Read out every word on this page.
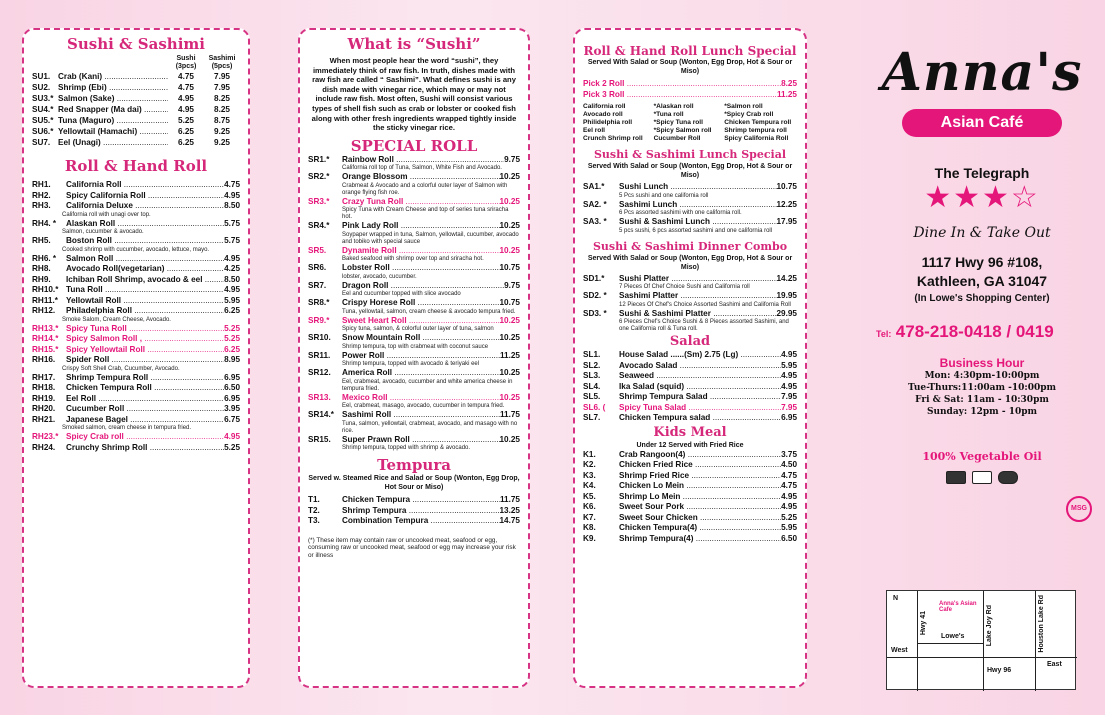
Sushi & Sashimi
Sushi (3pcs)
Sashimi (5pcs)
SU1. Crab (Kani) .....	4.75	7.95
SU2. Shrimp (Ebi) .....	4.75	7.95
SU3.* Salmon (Sake) .....	4.95	8.25
SU4.* Red Snapper (Ma dai) .....	4.95	8.25
SU5.* Tuna (Maguro) .....	5.25	8.75
SU6.* Yellowtail (Hamachi) .....	6.25	9.25
SU7. Eel (Unagi) .....	6.25	9.25
Roll & Hand Roll
RH1.	California Roll .....	4.75
RH2.	Spicy California Roll .....	4.95
RH3.	California Deluxe .....	8.50
California roll with unagi over top.
RH4. *	Alaskan Roll .....	5.75
Salmon, cucumber & avocado.
RH5.	Boston Roll .....	5.75
Cooked shrimp with cucumber, avocado, lettuce, mayo.
RH6. *	Salmon Roll .....	4.95
RH8.	Avocado Roll(vegetarian) .....	4.25
RH9.	Ichiban Roll Shrimp, avocado & eel .....	8.50
RH10.* Tuna Roll .....	4.95
RH11.* Yellowtail Roll .....	5.95
RH12.	Philadelphia Roll .....	6.25
Smoke Salom, Cream Cheese, Avocado.
RH13.* Spicy Tuna Roll .....	5.25
RH14.* Spicy Salmon Roll , .....	5.25
RH15.* Spicy Yellowtail Roll .....	6.25
RH16.	Spider Roll .....	8.95
Crispy Soft Shell Crab, Cucumber, Avocado.
RH17.	Shrimp Tempura Roll .....	6.95
RH18.	Chicken Tempura Roll .....	6.50
RH19.	Eel Roll .....	6.95
RH20.	Cucumber Roll .....	3.95
RH21.	Japanese Bagel .....	6.75
Smoked salmon, cream cheese in tempura fried.
RH23.* Spicy Crab roll .....	4.95
RH24.	Crunchy Shrimp Roll .....	5.25
What is “Sushi”
When most people hear the word “sushi”, they immediately think of raw fish. In truth, dishes made with raw fish are called “ Sashimi”. What defines sushi is any dish made with vinegar rice, which may or may not include raw fish. Most often, Sushi will consist various types of shell fish such as crab or lobster or cooked fish along with other fresh ingredients wrapped tightly inside the sticky vinegar rice.
SPECIAL ROLL
SR1.*	Rainbow Roll .....	9.75
California roll top of Tuna, Salmon, White Fish and Avocado.
SR2.*	Orange Blossom .....	10.25
Crabmeat & Avocado and a colorful outer layer of Salmon with orange flying fish roe.
SR3.*	Crazy Tuna Roll .....	10.25
Spicy Tuna with Cream Cheese and top of series tuna sriracha hot.
SR4.*	Pink Lady Roll .....	10.25
Soypaper wrapped in tuna, Salmon, yellowtail, cucumber, avocado and tobiko with special sauce
SR5.	Dynamite Roll .....	10.25
Baked seafood with shrimp over top and sriracha hot.
SR6.	Lobster Roll .....	10.75
lobster, avocado, cucumber.
SR7.	Dragon Roll .....	9.75
Eel and cucumber topped with slice avocado
SR8.*	Crispy Horese Roll .....	10.75
Tuna, yellowtail, salmon, cream cheese & avocado tempura fried.
SR9.*	Sweet Heart Roll .....	10.25
Spicy tuna, salmon, & colorful outer layer of tuna, salmon
SR10.	Snow Mountain Roll .....	10.25
Shrimp tempura, top with crabmeat with coconut sauce
SR11.	Power Roll .....	11.25
Shrimp tempura, topped with avocado & teriyaki eel
SR12.	America Roll .....	10.25
Eel, crabmeat, avocado, cucumber and white america cheese in tempura fried.
SR13.	Mexico Roll .....	10.25
Eel, crabmeat, masago, avocado, cucumber in tempura fried.
SR14.* Sashimi Roll .....	11.75
Tuna, salmon, yellowtail, crabmeat, avocado, and masago with no rice.
SR15.	Super Prawn Roll .....	10.25
Shrimp tempura, topped with shrimp & avocado.
Tempura
Served w. Steamed Rice and Salad or Soup (Wonton, Egg Drop, Hot Sour or Miso)
T1.	Chicken Tempura .....	11.75
T2.	Shrimp Tempura .....	13.25
T3.	Combination Tempura .....	14.75
(*) These item may contain raw or uncooked meat, seafood or egg, consuming raw or uncooked meat, seafood or egg may increase your risk or illness
Roll & Hand Roll Lunch Special
Served With Salad or Soup (Wonton, Egg Drop, Hot & Sour or Miso)
Pick 2 Roll .....	8.25
Pick 3 Roll .....	11.25
California roll	*Alaskan roll	*Salmon roll
Avocado roll	*Tuna roll	*Spicy Crab roll
Philidelphia roll	*Spicy Tuna roll	Chicken Tempura roll
Eel roll	*Spicy Salmon roll	Shrimp tempura roll
Crunch Shrimp roll	Cucumber Roll	Spicy California Roll
Sushi & Sashimi Lunch Special
Served With Salad or Soup (Wonton, Egg Drop, Hot & Sour or Miso)
SA1.*	Sushi Lunch .....	10.75
5 Pcs sushi and one california roll
SA2. *	Sashimi Lunch .....	12.25
6 Pcs assorted sashimi with one california roll.
SA3. *	Sushi & Sashimi Lunch .....	17.95
5 pcs sushi, 6 pcs assorted sashimi and one california roll
Sushi & Sashimi Dinner Combo
Served With Salad or Soup (Wonton, Egg Drop, Hot & Sour or Miso)
SD1.*	Sushi Platter .....	14.25
7 Pieces Of Chef Choice Sushi and California roll
SD2. *	Sashimi Platter .....	19.95
12 Pieces Of Chef's Choice Assorted Sashimi and California Roll
SD3. *	Sushi & Sashimi Platter .....	29.95
6 Pieces Chef's Choice Sushi & 8 Pieces assorted Sashimi, and one California roll & Tuna roll.
Salad
SL1.	House Salad ......(Sm) 2.75 (Lg) .....	4.95
SL2.	Avocado Salad .....	5.95
SL3.	Seaweed .....	4.95
SL4.	Ika Salad (squid) .....	4.95
SL5.	Shrimp Tempura Salad .....	7.95
SL6. (	Spicy Tuna Salad .....	7.95
SL7.	Chicken Tempura salad .....	6.95
Kids Meal
Under 12 Served with Fried Rice
K1.	Crab Rangoon(4) .....	3.75
K2.	Chicken Fried Rice .....	4.50
K3.	Shrimp Fried Rice .....	4.75
K4.	Chicken Lo Mein .....	4.75
K5.	Shrimp Lo Mein .....	4.95
K6.	Sweet Sour Pork .....	4.95
K7.	Sweet Sour Chicken .....	5.25
K8.	Chicken Tempura(4) .....	5.95
K9.	Shrimp Tempura(4) .....	6.50
Anna's
Asian Café
The Telegraph
★★★☆
Dine In & Take Out
1117 Hwy 96 #108,
Kathleen, GA 31047
(In Lowe's Shopping Center)
Tel: 478-218-0418 / 0419
Business Hour
Mon: 4:30pm-10:00pm
Tue-Thurs:11:00am -10:00pm
Fri & Sat: 11am - 10:30pm
Sunday: 12pm - 10pm
MSG
100% Vegetable Oil
N
West
East
Lowe's
Anna's Asian Cafe
Hwy 96
Hwy 41	Lake Joy Rd	Houston Lake Rd
